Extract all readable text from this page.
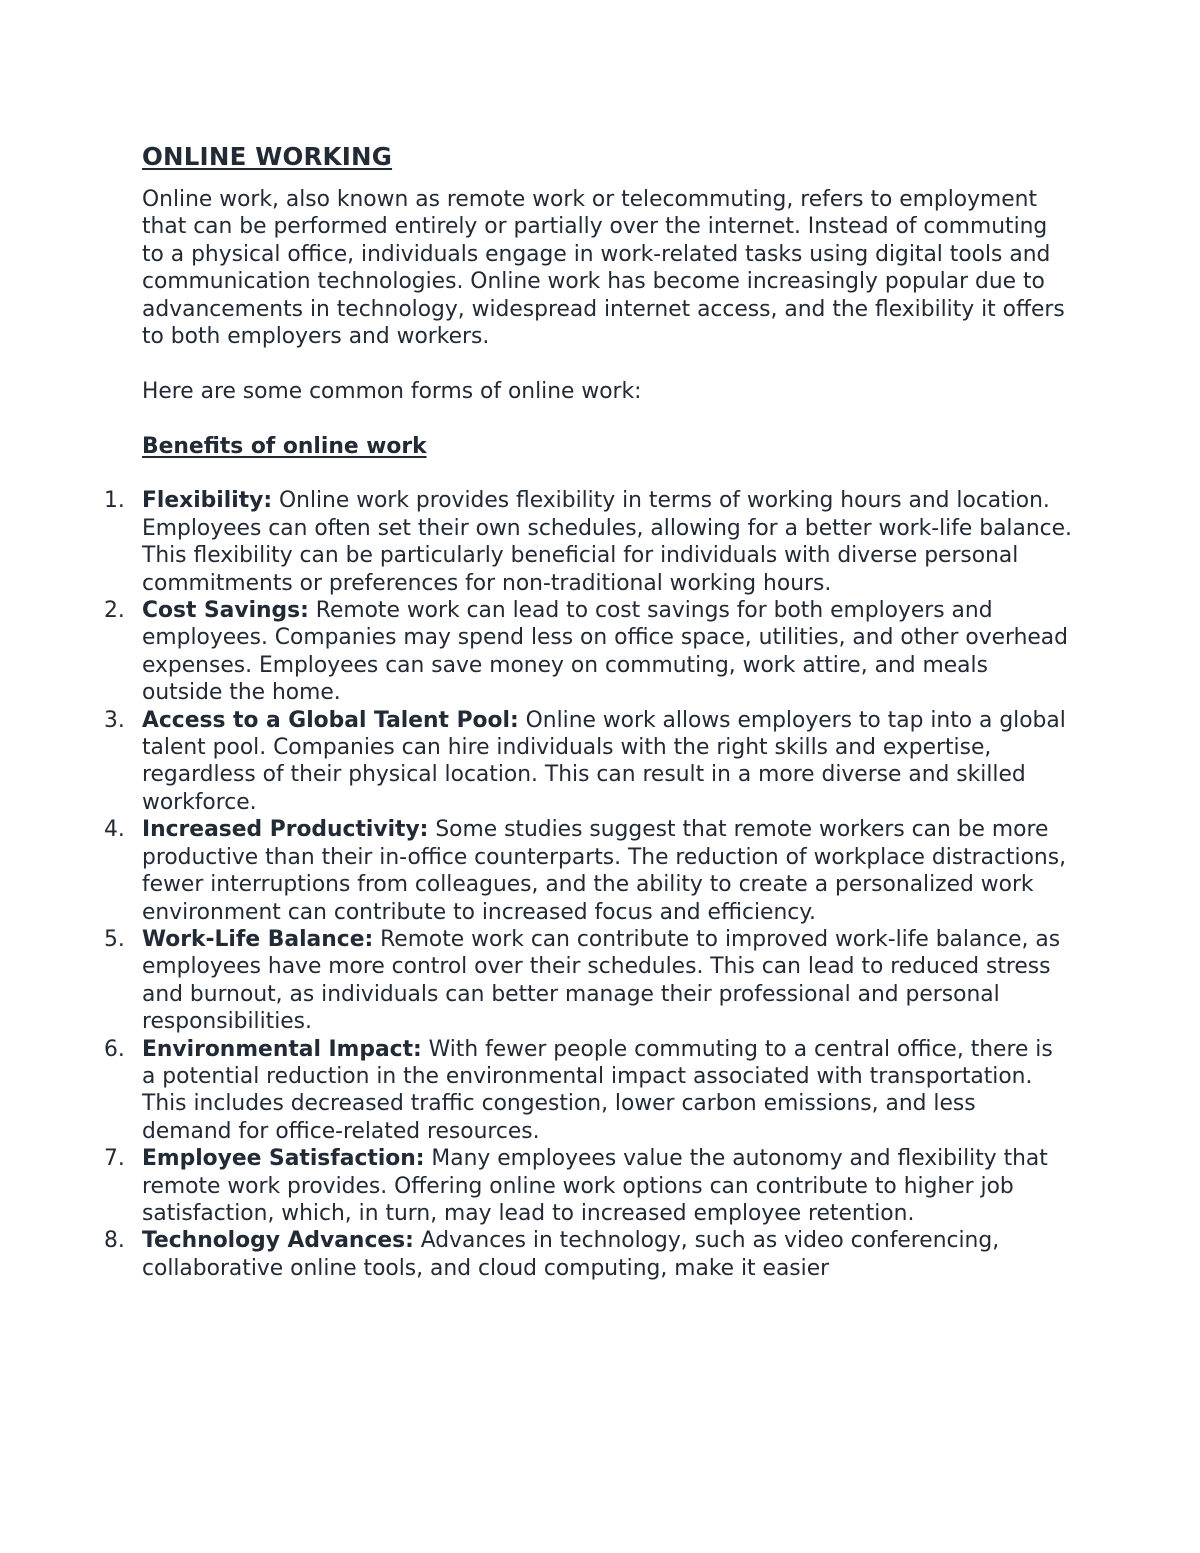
ONLINE WORKING

Online work, also known as remote work or telecommuting, refers to employment that can be performed entirely or partially over the internet. Instead of commuting to a physical office, individuals engage in work-related tasks using digital tools and communication technologies. Online work has become increasingly popular due to advancements in technology, widespread internet access, and the flexibility it offers to both employers and workers.

Here are some common forms of online work:

Benefits of online work

1. Flexibility: Online work provides flexibility in terms of working hours and location. Employees can often set their own schedules, allowing for a better work-life balance. This flexibility can be particularly beneficial for individuals with diverse personal commitments or preferences for non-traditional working hours.
2. Cost Savings: Remote work can lead to cost savings for both employers and employees. Companies may spend less on office space, utilities, and other overhead expenses. Employees can save money on commuting, work attire, and meals outside the home.
3. Access to a Global Talent Pool: Online work allows employers to tap into a global talent pool. Companies can hire individuals with the right skills and expertise, regardless of their physical location. This can result in a more diverse and skilled workforce.
4. Increased Productivity: Some studies suggest that remote workers can be more productive than their in-office counterparts. The reduction of workplace distractions, fewer interruptions from colleagues, and the ability to create a personalized work environment can contribute to increased focus and efficiency.
5. Work-Life Balance: Remote work can contribute to improved work-life balance, as employees have more control over their schedules. This can lead to reduced stress and burnout, as individuals can better manage their professional and personal responsibilities.
6. Environmental Impact: With fewer people commuting to a central office, there is a potential reduction in the environmental impact associated with transportation. This includes decreased traffic congestion, lower carbon emissions, and less demand for office-related resources.
7. Employee Satisfaction: Many employees value the autonomy and flexibility that remote work provides. Offering online work options can contribute to higher job satisfaction, which, in turn, may lead to increased employee retention.
8. Technology Advances: Advances in technology, such as video conferencing, collaborative online tools, and cloud computing, make it easier
